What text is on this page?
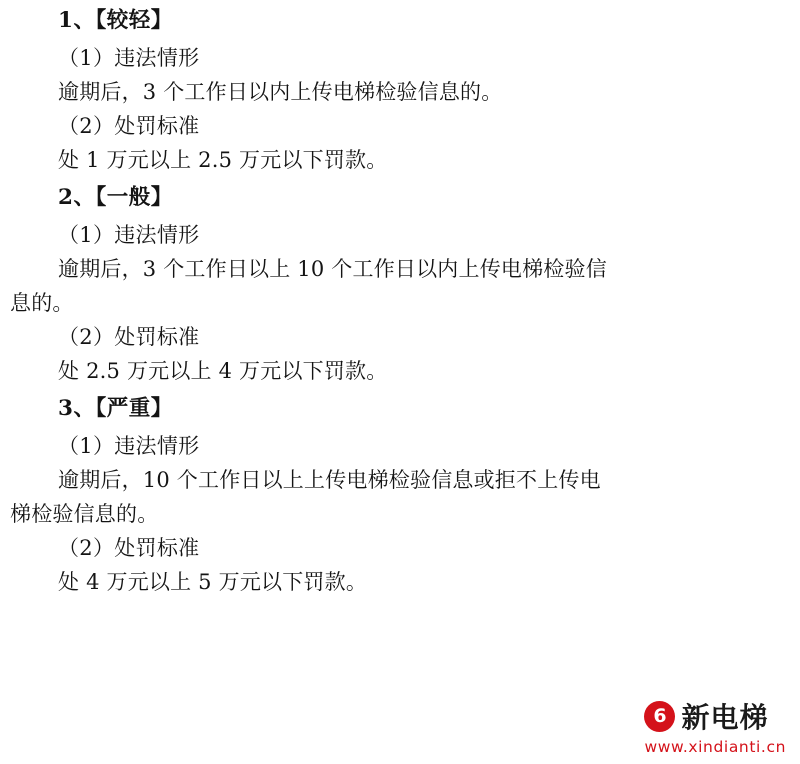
1、【较轻】
（1）违法情形
逾期后，3 个工作日以内上传电梯检验信息的。
（2）处罚标准
处 1 万元以上 2.5 万元以下罚款。
2、【一般】
（1）违法情形
逾期后，3 个工作日以上 10 个工作日以内上传电梯检验信
息的。
（2）处罚标准
处 2.5 万元以上 4 万元以下罚款。
3、【严重】
（1）违法情形
逾期后，10 个工作日以上上传电梯检验信息或拒不上传电
梯检验信息的。
（2）处罚标准
处 4 万元以上 5 万元以下罚款。
6 新电梯
www.xindianti.cn
